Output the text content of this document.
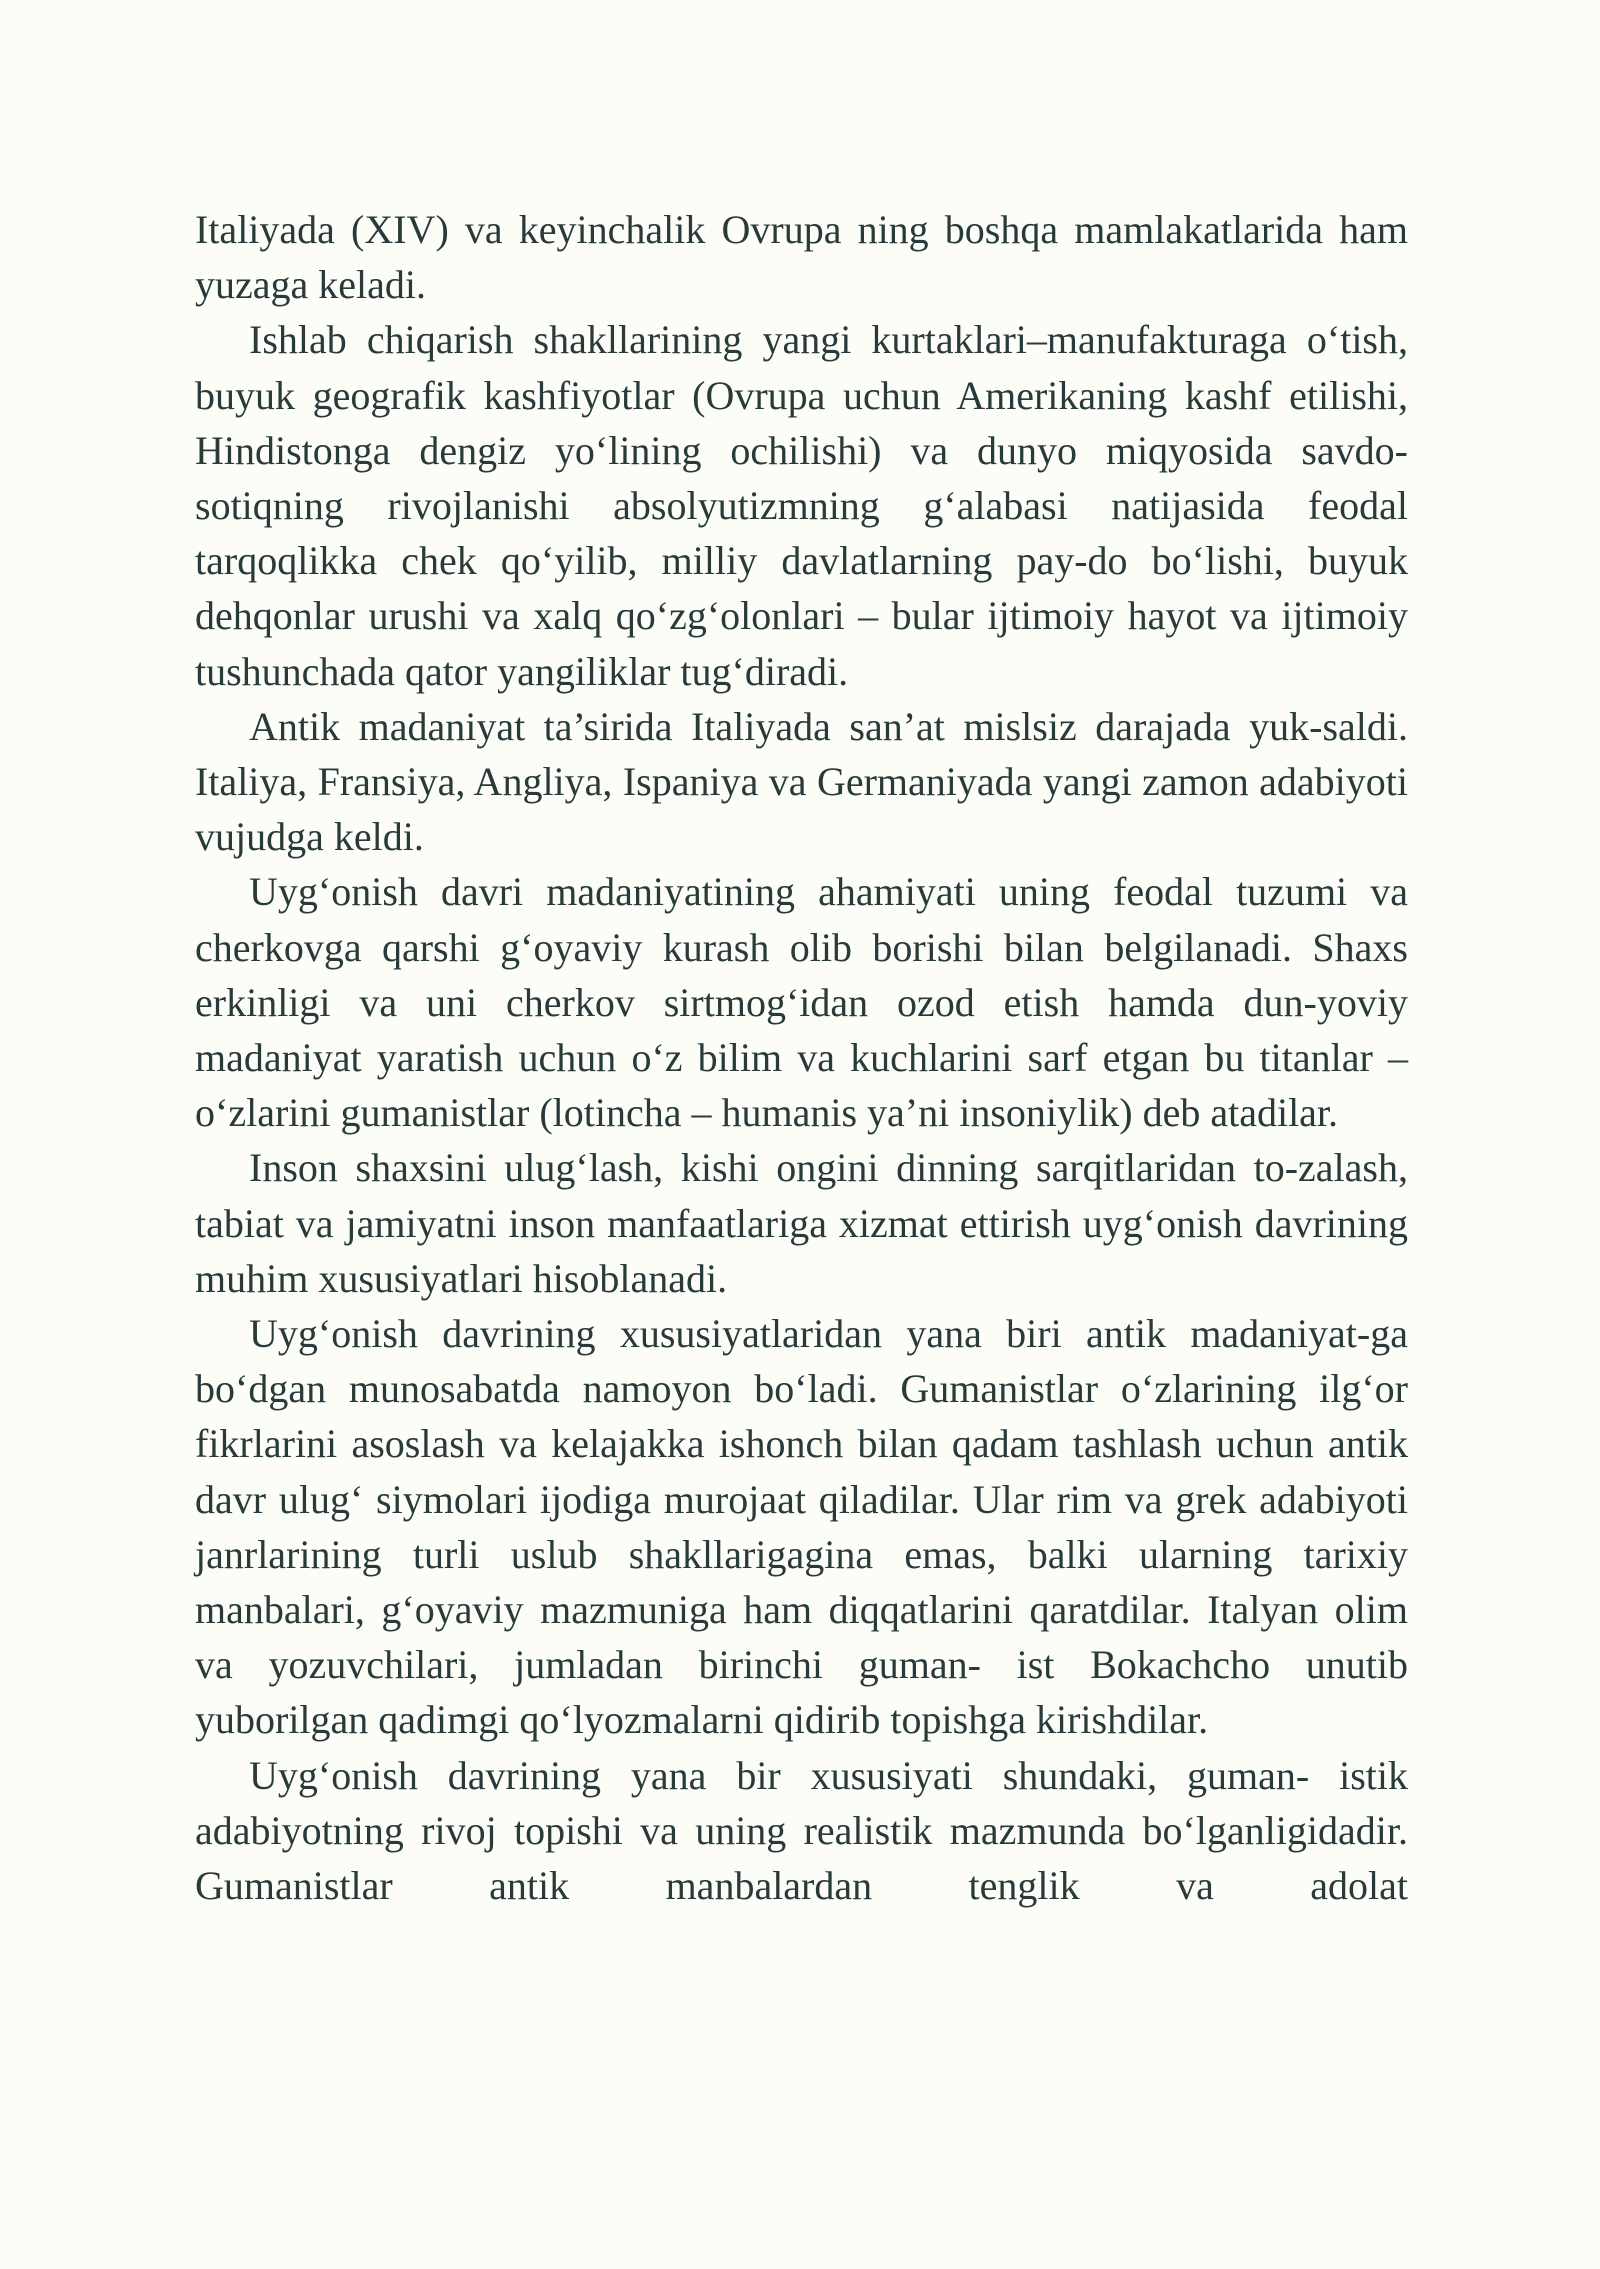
Italiyada (XIV) va keyinchalik Ovrupa ning boshqa mamlakatlarida ham yuzaga keladi.

Ishlab chiqarish shakllarining yangi kurtaklari–manufakturaga o‘tish, buyuk geografik kashfiyotlar (Ovrupa uchun Amerikaning kashf etilishi, Hindistonga dengiz yo‘lining ochilishi) va dunyo miqyosida savdo-sotiqning rivojlanishi absolyutizmning g‘alabasi natijasida feodal tarqoqlikka chek qo‘yilib, milliy davlatlarning pay-do bo‘lishi, buyuk dehqonlar urushi va xalq qo‘zg‘olonlari – bular ijtimoiy hayot va ijtimoiy tushunchada qator yangiliklar tug‘diradi.

Antik madaniyat ta’sirida Italiyada san’at mislsiz darajada yuk-saldi. Italiya, Fransiya, Angliya, Ispaniya va Germaniyada yangi zamon adabiyoti vujudga keldi.

Uyg‘onish davri madaniyatining ahamiyati uning feodal tuzumi va cherkovga qarshi g‘oyaviy kurash olib borishi bilan belgilanadi. Shaxs erkinligi va uni cherkov sirtmog‘idan ozod etish hamda dun-yoviy madaniyat yaratish uchun o‘z bilim va kuchlarini sarf etgan bu titanlar – o‘zlarini gumanistlar (lotincha – humanis ya’ni insoniylik) deb atadilar.

Inson shaxsini ulug‘lash, kishi ongini dinning sarqitlaridan to-zalash, tabiat va jamiyatni inson manfaatlariga xizmat ettirish uyg‘onish davrining muhim xususiyatlari hisoblanadi.

Uyg‘onish davrining xususiyatlaridan yana biri antik madaniyat-ga bo‘dgan munosabatda namoyon bo‘ladi. Gumanistlar o‘zlarining ilg‘or fikrlarini asoslash va kelajakka ishonch bilan qadam tashlash uchun antik davr ulug‘ siymolari ijodiga murojaat qiladilar. Ular rim va grek adabiyoti janrlarining turli uslub shakllarigagina emas, balki ularning tarixiy manbalari, g‘oyaviy mazmuniga ham diqqatlarini qaratdilar. Italyan olim va yozuvchilari, jumladan birinchi guman- ist Bokachcho unutib yuborilgan qadimgi qo‘lyozmalarni qidirib topishga kirishdilar.

Uyg‘onish davrining yana bir xususiyati shundaki, guman- istik adabiyotning rivoj topishi va uning realistik mazmunda bo‘lganligidadir. Gumanistlar antik manbalardan tenglik va adolat
